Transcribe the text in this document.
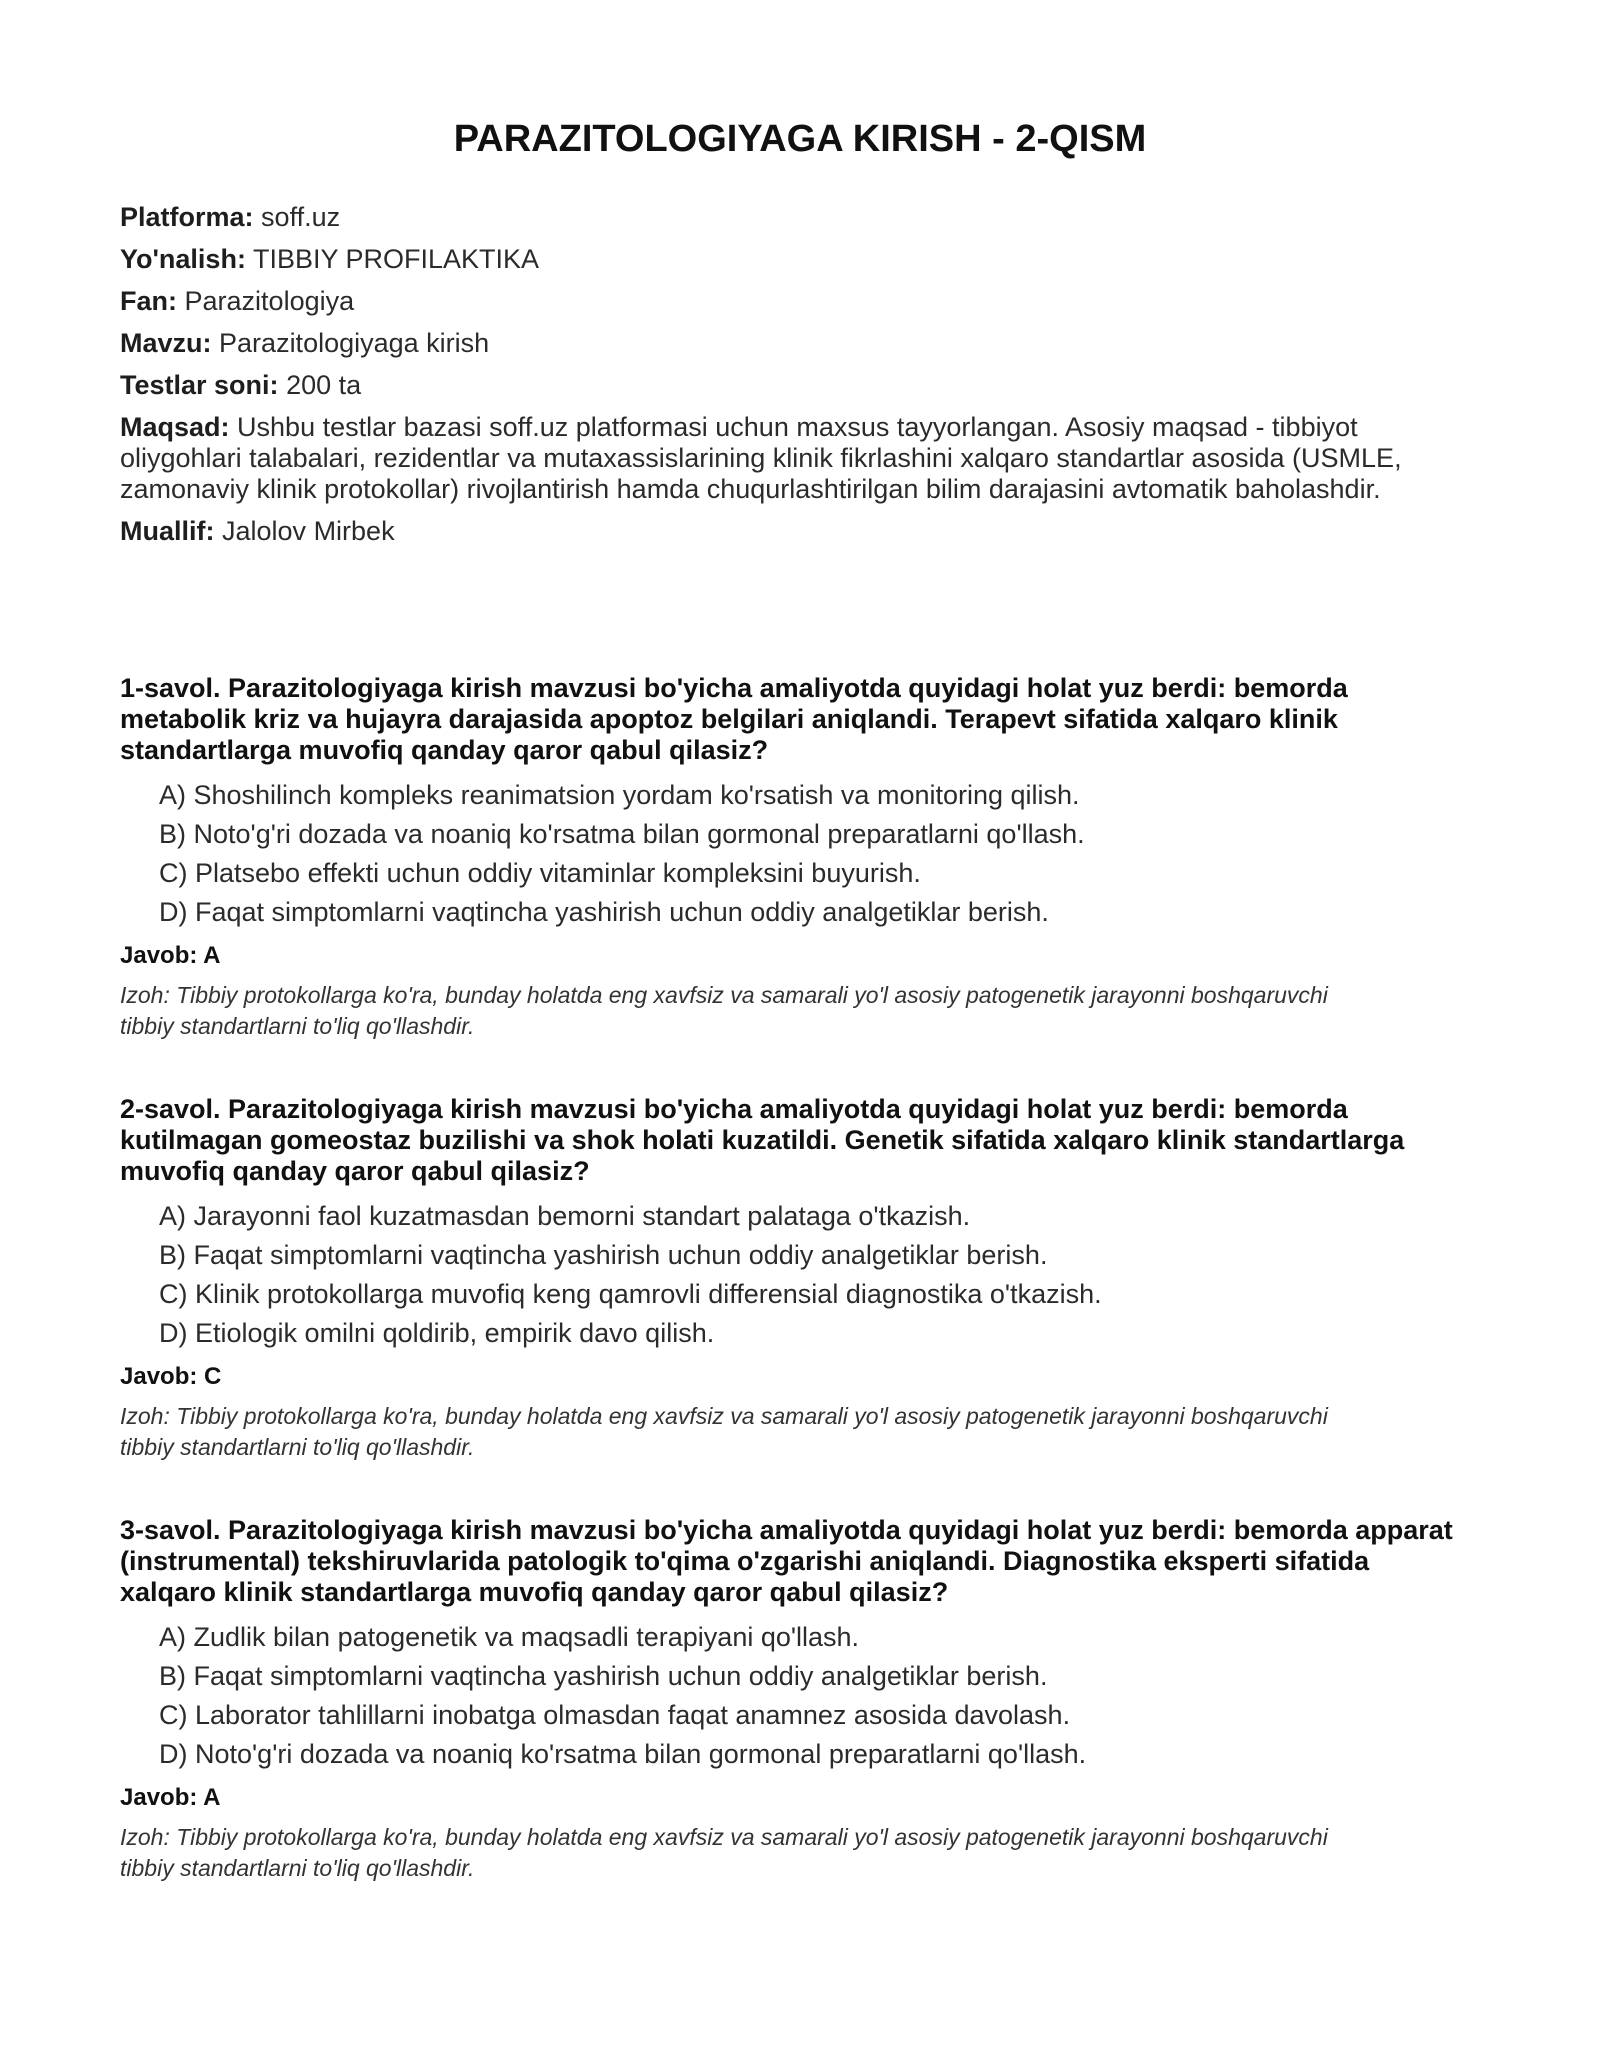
PARAZITOLOGIYAGA KIRISH - 2-QISM
Platforma: soff.uz
Yo'nalish: TIBBIY PROFILAKTIKA
Fan: Parazitologiya
Mavzu: Parazitologiyaga kirish
Testlar soni: 200 ta
Maqsad: Ushbu testlar bazasi soff.uz platformasi uchun maxsus tayyorlangan. Asosiy maqsad - tibbiyot oliygohlari talabalari, rezidentlar va mutaxassislarining klinik fikrlashini xalqaro standartlar asosida (USMLE, zamonaviy klinik protokollar) rivojlantirish hamda chuqurlashtirilgan bilim darajasini avtomatik baholashdir.
Muallif: Jalolov Mirbek
1-savol. Parazitologiyaga kirish mavzusi bo'yicha amaliyotda quyidagi holat yuz berdi: bemorda metabolik kriz va hujayra darajasida apoptoz belgilari aniqlandi. Terapevt sifatida xalqaro klinik standartlarga muvofiq qanday qaror qabul qilasiz?
A) Shoshilinch kompleks reanimatsion yordam ko'rsatish va monitoring qilish.
B) Noto'g'ri dozada va noaniq ko'rsatma bilan gormonal preparatlarni qo'llash.
C) Platsebo effekti uchun oddiy vitaminlar kompleksini buyurish.
D) Faqat simptomlarni vaqtincha yashirish uchun oddiy analgetiklar berish.
Javob: A
Izoh: Tibbiy protokollarga ko'ra, bunday holatda eng xavfsiz va samarali yo'l asosiy patogenetik jarayonni boshqaruvchi tibbiy standartlarni to'liq qo'llashdir.
2-savol. Parazitologiyaga kirish mavzusi bo'yicha amaliyotda quyidagi holat yuz berdi: bemorda kutilmagan gomeostaz buzilishi va shok holati kuzatildi. Genetik sifatida xalqaro klinik standartlarga muvofiq qanday qaror qabul qilasiz?
A) Jarayonni faol kuzatmasdan bemorni standart palataga o'tkazish.
B) Faqat simptomlarni vaqtincha yashirish uchun oddiy analgetiklar berish.
C) Klinik protokollarga muvofiq keng qamrovli differensial diagnostika o'tkazish.
D) Etiologik omilni qoldirib, empirik davo qilish.
Javob: C
Izoh: Tibbiy protokollarga ko'ra, bunday holatda eng xavfsiz va samarali yo'l asosiy patogenetik jarayonni boshqaruvchi tibbiy standartlarni to'liq qo'llashdir.
3-savol. Parazitologiyaga kirish mavzusi bo'yicha amaliyotda quyidagi holat yuz berdi: bemorda apparat (instrumental) tekshiruvlarida patologik to'qima o'zgarishi aniqlandi. Diagnostika eksperti sifatida xalqaro klinik standartlarga muvofiq qanday qaror qabul qilasiz?
A) Zudlik bilan patogenetik va maqsadli terapiyani qo'llash.
B) Faqat simptomlarni vaqtincha yashirish uchun oddiy analgetiklar berish.
C) Laborator tahlillarni inobatga olmasdan faqat anamnez asosida davolash.
D) Noto'g'ri dozada va noaniq ko'rsatma bilan gormonal preparatlarni qo'llash.
Javob: A
Izoh: Tibbiy protokollarga ko'ra, bunday holatda eng xavfsiz va samarali yo'l asosiy patogenetik jarayonni boshqaruvchi tibbiy standartlarni to'liq qo'llashdir.
